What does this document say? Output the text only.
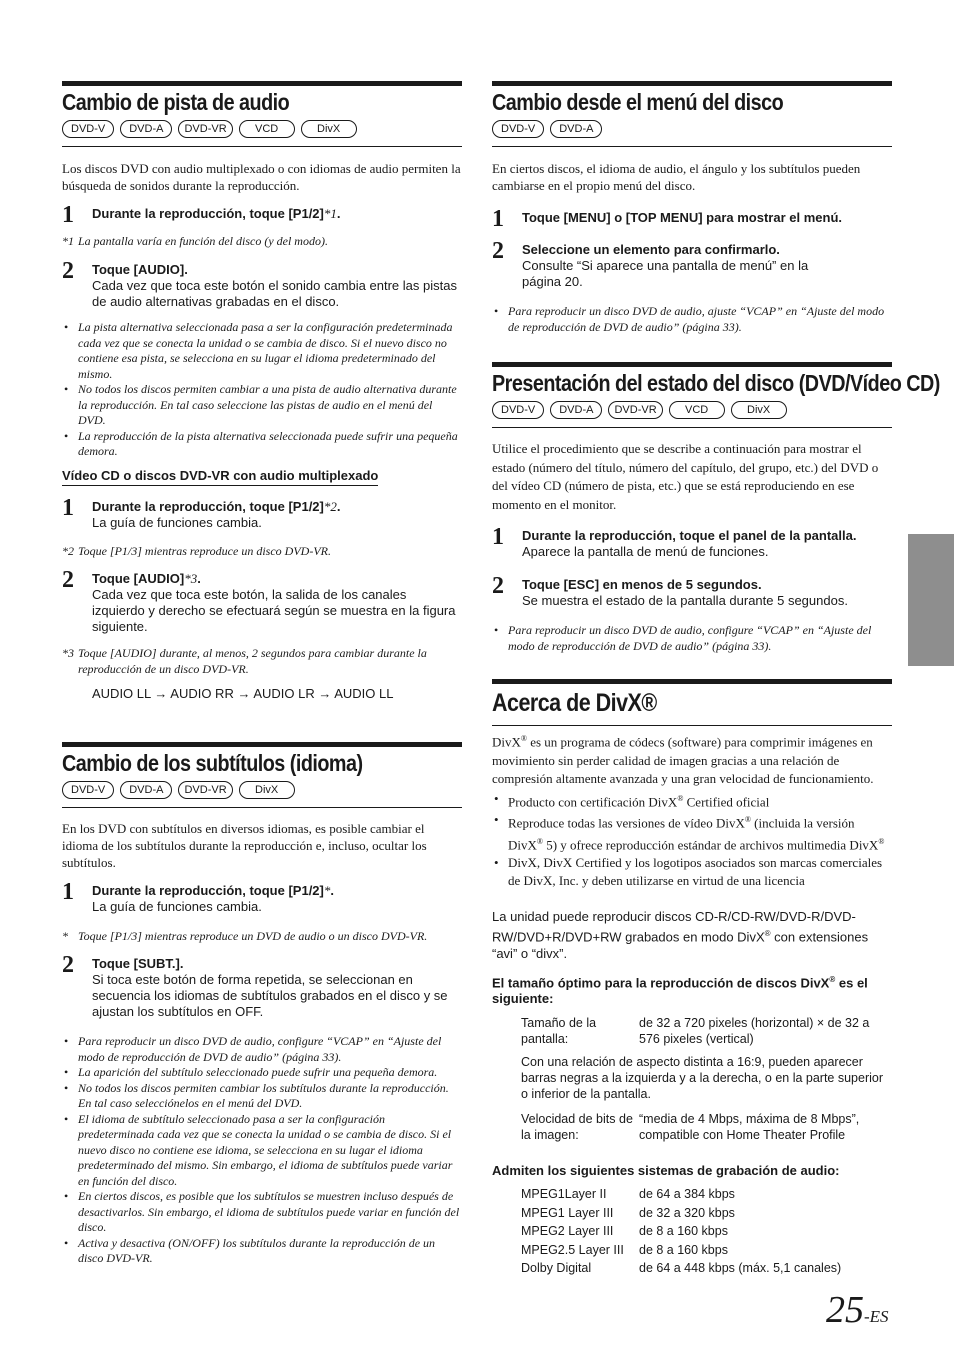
Cambio de pista de audio
DVD-V	DVD-A	DVD-VR	VCD	DivX
Los discos DVD con audio multiplexado o con idiomas de audio permiten la búsqueda de sonidos durante la reproducción.
1 Durante la reproducción, toque [P1/2]*1.
*1 La pantalla varía en función del disco (y del modo).
2 Toque [AUDIO].
Cada vez que toca este botón el sonido cambia entre las pistas de audio alternativas grabadas en el disco.
• La pista alternativa seleccionada pasa a ser la configuración predeterminada cada vez que se conecta la unidad o se cambia de disco. Si el nuevo disco no contiene esa pista, se selecciona en su lugar el idioma predeterminado del mismo.
• No todos los discos permiten cambiar a una pista de audio alternativa durante la reproducción. En tal caso seleccione las pistas de audio en el menú del DVD.
• La reproducción de la pista alternativa seleccionada puede sufrir una pequeña demora.
Vídeo CD o discos DVD-VR con audio multiplexado
1 Durante la reproducción, toque [P1/2]*2.
La guía de funciones cambia.
*2 Toque [P1/3] mientras reproduce un disco DVD-VR.
2 Toque [AUDIO]*3.
Cada vez que toca este botón, la salida de los canales izquierdo y derecho se efectuará según se muestra en la figura siguiente.
*3 Toque [AUDIO] durante, al menos, 2 segundos para cambiar durante la reproducción de un disco DVD-VR.
AUDIO LL → AUDIO RR → AUDIO LR → AUDIO LL
Cambio de los subtítulos (idioma)
DVD-V	DVD-A	DVD-VR	DivX
En los DVD con subtítulos en diversos idiomas, es posible cambiar el idioma de los subtítulos durante la reproducción e, incluso, ocultar los subtítulos.
1 Durante la reproducción, toque [P1/2]*.
La guía de funciones cambia.
* Toque [P1/3] mientras reproduce un DVD de audio o un disco DVD-VR.
2 Toque [SUBT.].
Si toca este botón de forma repetida, se seleccionan en secuencia los idiomas de subtítulos grabados en el disco y se ajustan los subtítulos en OFF.
• Para reproducir un disco DVD de audio, configure “VCAP” en “Ajuste del modo de reproducción de DVD de audio” (página 33).
• La aparición del subtítulo seleccionado puede sufrir una pequeña demora.
• No todos los discos permiten cambiar los subtítulos durante la reproducción. En tal caso selecciónelos en el menú del DVD.
• El idioma de subtítulo seleccionado pasa a ser la configuración predeterminada cada vez que se conecta la unidad o se cambia de disco. Si el nuevo disco no contiene ese idioma, se selecciona en su lugar el idioma predeterminado del mismo. Sin embargo, el idioma de subtítulos puede variar en función del disco.
• En ciertos discos, es posible que los subtítulos se muestren incluso después de desactivarlos. Sin embargo, el idioma de subtítulos puede variar en función del disco.
• Activa y desactiva (ON/OFF) los subtítulos durante la reproducción de un disco DVD-VR.
Cambio desde el menú del disco
DVD-V	DVD-A
En ciertos discos, el idioma de audio, el ángulo y los subtítulos pueden cambiarse en el propio menú del disco.
1 Toque [MENU] o [TOP MENU] para mostrar el menú.
2 Seleccione un elemento para confirmarlo.
Consulte “Si aparece una pantalla de menú” en la página 20.
• Para reproducir un disco DVD de audio, ajuste “VCAP” en “Ajuste del modo de reproducción de DVD de audio” (página 33).
Presentación del estado del disco (DVD/Vídeo CD)
DVD-V	DVD-A	DVD-VR	VCD	DivX
Utilice el procedimiento que se describe a continuación para mostrar el estado (número del título, número del capítulo, del grupo, etc.) del DVD o del vídeo CD (número de pista, etc.) que se está reproduciendo en ese momento en el monitor.
1 Durante la reproducción, toque el panel de la pantalla.
Aparece la pantalla de menú de funciones.
2 Toque [ESC] en menos de 5 segundos.
Se muestra el estado de la pantalla durante 5 segundos.
• Para reproducir un disco DVD de audio, configure “VCAP” en “Ajuste del modo de reproducción de DVD de audio” (página 33).
Acerca de DivX®
DivX® es un programa de códecs (software) para comprimir imágenes en movimiento sin perder calidad de imagen gracias a una relación de compresión altamente avanzada y una gran velocidad de funcionamiento.
• Producto con certificación DivX® Certified oficial
• Reproduce todas las versiones de vídeo DivX® (incluida la versión DivX® 5) y ofrece reproducción estándar de archivos multimedia DivX®
• DivX, DivX Certified y los logotipos asociados son marcas comerciales de DivX, Inc. y deben utilizarse en virtud de una licencia
La unidad puede reproducir discos CD-R/CD-RW/DVD-R/DVD-RW/DVD+R/DVD+RW grabados en modo DivX® con extensiones “avi” o “divx”.
El tamaño óptimo para la reproducción de discos DivX® es el siguiente:
Tamaño de la pantalla:	de 32 a 720 pixeles (horizontal) × de 32 a 576 pixeles (vertical)
Con una relación de aspecto distinta a 16:9, pueden aparecer barras negras a la izquierda y a la derecha, o en la parte superior o inferior de la pantalla.
Velocidad de bits de la imagen:	“media de 4 Mbps, máxima de 8 Mbps”, compatible con Home Theater Profile
Admiten los siguientes sistemas de grabación de audio:
MPEG1Layer II	de 64 a 384 kbps
MPEG1 Layer III	de 32 a 320 kbps
MPEG2 Layer III	de 8 a 160 kbps
MPEG2.5 Layer III	de 8 a 160 kbps
Dolby Digital	de 64 a 448 kbps (máx. 5,1 canales)
25-ES
